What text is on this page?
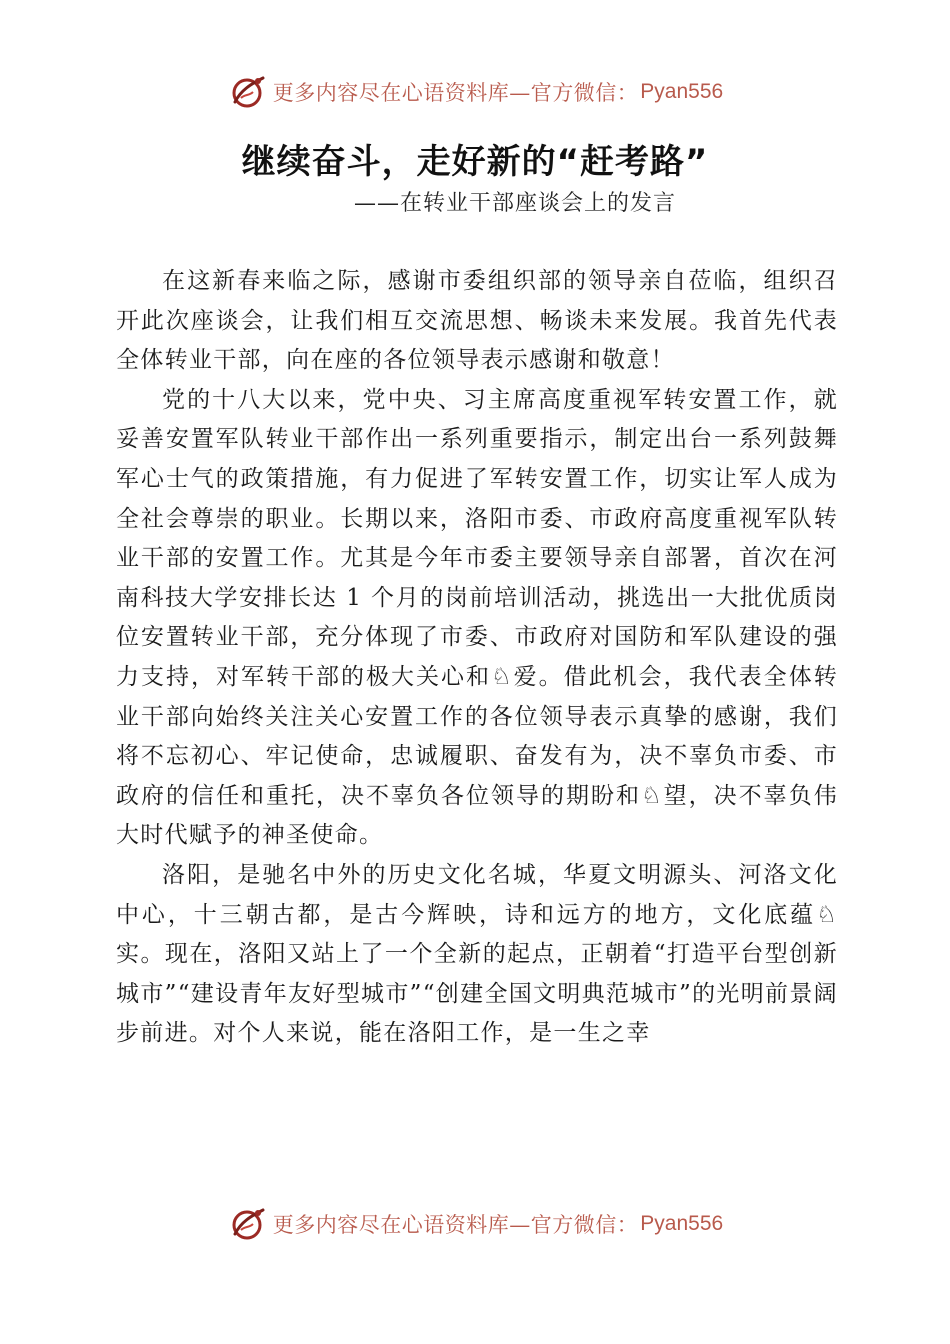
更多内容尽在心语资料库—官方微信： Pyan556
继续奋斗，走好新的“赶考路”
——在转业干部座谈会上的发言

在这新春来临之际，感谢市委组织部的领导亲自莅临，组织召开此次座谈会，让我们相互交流思想、畅谈未来发展。我首先代表全体转业干部，向在座的各位领导表示感谢和敬意！

党的十八大以来，党中央、习主席高度重视军转安置工作，就妥善安置军队转业干部作出一系列重要指示，制定出台一系列鼓舞军心士气的政策措施，有力促进了军转安置工作，切实让军人成为全社会尊崇的职业。长期以来，洛阳市委、市政府高度重视军队转业干部的安置工作。尤其是今年市委主要领导亲自部署，首次在河南科技大学安排长达 1 个月的岗前培训活动，挑选出一大批优质岗位安置转业干部，充分体现了市委、市政府对国防和军队建设的强力支持，对军转干部的极大关心和♘爱。借此机会，我代表全体转业干部向始终关注关心安置工作的各位领导表示真挚的感谢，我们将不忘初心、牢记使命，忠诚履职、奋发有为，决不辜负市委、市政府的信任和重托，决不辜负各位领导的期盼和♘望，决不辜负伟大时代赋予的神圣使命。

洛阳，是驰名中外的历史文化名城，华夏文明源头、河洛文化中心，十三朝古都，是古今辉映，诗和远方的地方，文化底蕴♘实。现在，洛阳又站上了一个全新的起点，正朝着“打造平台型创新城市”“建设青年友好型城市”“创建全国文明典范城市”的光明前景阔步前进。对个人来说，能在洛阳工作，是一生之幸

更多内容尽在心语资料库—官方微信： Pyan556
